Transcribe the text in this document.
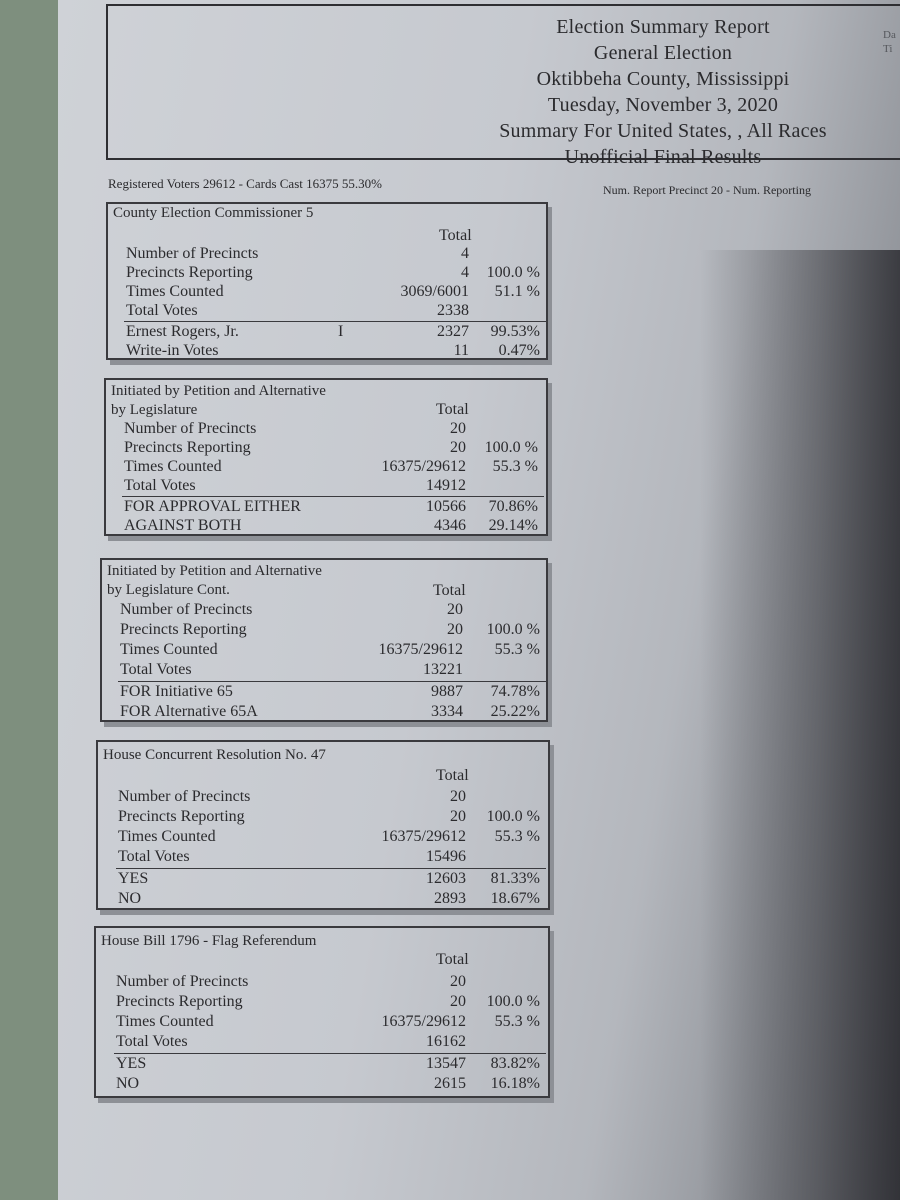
Election Summary Report
General Election
Oktibbeha County, Mississippi
Tuesday, November 3, 2020
Summary For United States, , All Races
Unofficial Final Results
Da
Ti
Registered Voters 29612 - Cards Cast 16375 55.30%	Num. Report Precinct 20 - Num. Reporting
County Election Commissioner 5
Total
Number of Precincts	4
Precincts Reporting	4 100.0 %
Times Counted	3069/6001 51.1 %
Total Votes	2338
Ernest Rogers, Jr.	I	2327 99.53%
Write-in Votes	11 0.47%
Initiated by Petition and Alternative
by Legislature	Total
Number of Precincts	20
Precincts Reporting	20 100.0 %
Times Counted	16375/29612 55.3 %
Total Votes	14912
FOR APPROVAL EITHER	10566 70.86%
AGAINST BOTH	4346 29.14%
Initiated by Petition and Alternative
by Legislature Cont.	Total
Number of Precincts	20
Precincts Reporting	20 100.0 %
Times Counted	16375/29612 55.3 %
Total Votes	13221
FOR Initiative 65	9887 74.78%
FOR Alternative 65A	3334 25.22%
House Concurrent Resolution No. 47
Total
Number of Precincts	20
Precincts Reporting	20 100.0 %
Times Counted	16375/29612 55.3 %
Total Votes	15496
YES	12603 81.33%
NO	2893 18.67%
House Bill 1796 - Flag Referendum
Total
Number of Precincts	20
Precincts Reporting	20 100.0 %
Times Counted	16375/29612 55.3 %
Total Votes	16162
YES	13547 83.82%
NO	2615 16.18%
